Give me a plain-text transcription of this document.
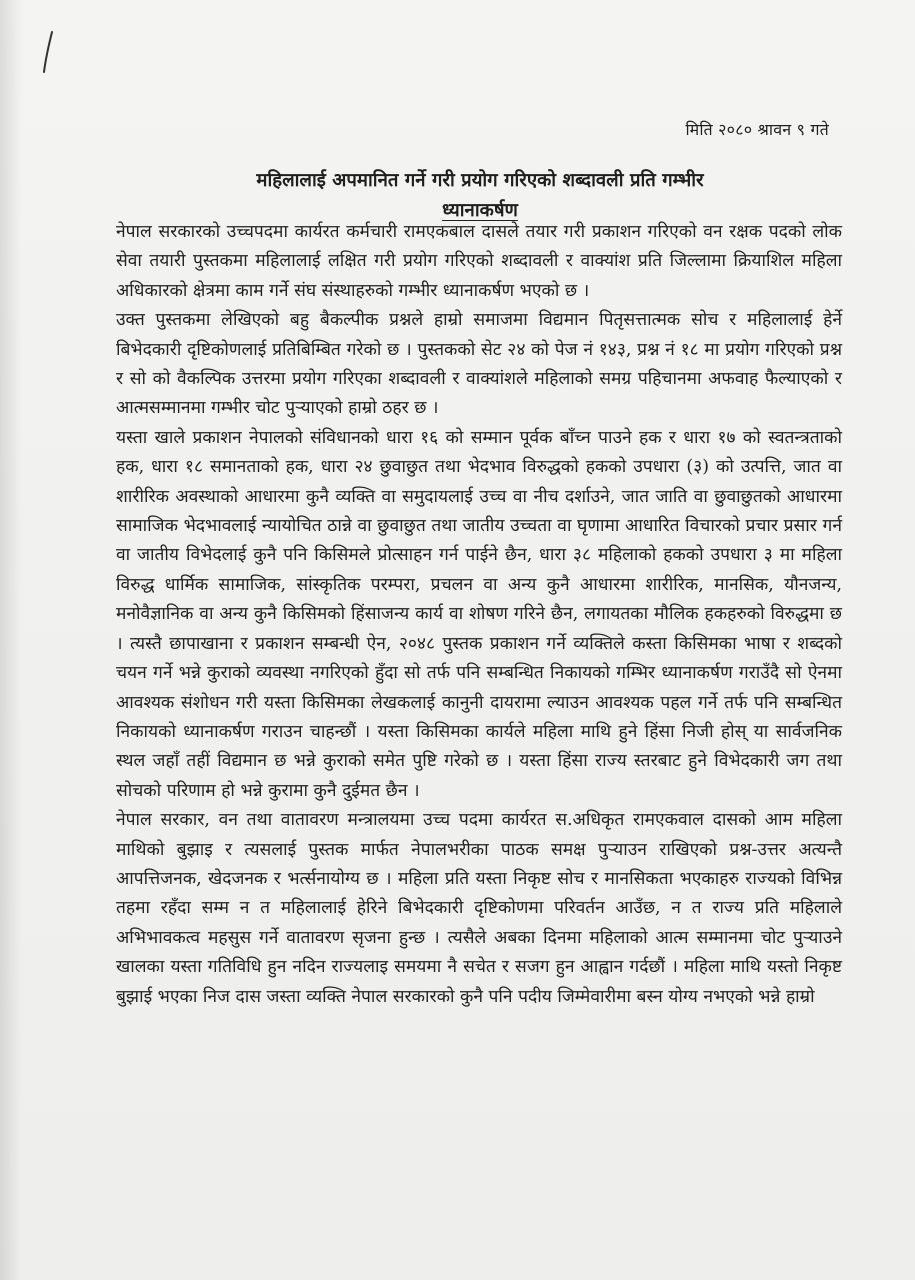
मिति २०८० श्रावन ९ गते
महिलालाई अपमानित गर्ने गरी प्रयोग गरिएको शब्दावली प्रति गम्भीर
ध्यानाकर्षण

नेपाल सरकारको उच्चपदमा कार्यरत कर्मचारी रामएकबाल दासले तयार गरी प्रकाशन गरिएको वन रक्षक पदको लोक सेवा तयारी पुस्तकमा महिलालाई लक्षित गरी प्रयोग गरिएको शब्दावली र वाक्यांश प्रति जिल्लामा क्रियाशिल महिला अधिकारको क्षेत्रमा काम गर्ने संघ संस्थाहरुको गम्भीर ध्यानाकर्षण भएको छ ।

उक्त पुस्तकमा लेखिएको बहु बैकल्पीक प्रश्नले हाम्रो समाजमा विद्यमान पितृसत्तात्मक सोच र महिलालाई हेर्ने बिभेदकारी दृष्टिकोणलाई प्रतिबिम्बित गरेको छ । पुस्तकको सेट २४ को पेज नं १४३, प्रश्न नं १८ मा प्रयोग गरिएको प्रश्न र सो को वैकल्पिक उत्तरमा प्रयोग गरिएका शब्दावली र वाक्यांशले महिलाको समग्र पहिचानमा अफवाह फैल्याएको र आत्मसम्मानमा गम्भीर चोट पुऱ्याएको हाम्रो ठहर छ ।

यस्ता खाले प्रकाशन नेपालको संविधानको धारा १६ को सम्मान पूर्वक बाँच्न पाउने हक र धारा १७ को स्वतन्त्रताको हक, धारा १८ समानताको हक, धारा २४ छुवाछुत तथा भेदभाव विरुद्धको हकको उपधारा (३) को उत्पत्ति, जात वा शारीरिक अवस्थाको आधारमा कुनै व्यक्ति वा समुदायलाई उच्च वा नीच दर्शाउने, जात जाति वा छुवाछुतको आधारमा सामाजिक भेदभावलाई न्यायोचित ठान्ने वा छुवाछुत तथा जातीय उच्चता वा घृणामा आधारित विचारको प्रचार प्रसार गर्न वा जातीय विभेदलाई कुनै पनि किसिमले प्रोत्साहन गर्न पाईने छैन, धारा ३८ महिलाको हकको उपधारा ३ मा महिला विरुद्ध धार्मिक सामाजिक, सांस्कृतिक परम्परा, प्रचलन वा अन्य कुनै आधारमा शारीरिक, मानसिक, यौनजन्य, मनोवैज्ञानिक वा अन्य कुनै किसिमको हिंसाजन्य कार्य वा शोषण गरिने छैन, लगायतका मौलिक हकहरुको विरुद्धमा छ । त्यस्तै छापाखाना र प्रकाशन सम्बन्धी ऐन, २०४८ पुस्तक प्रकाशन गर्ने व्यक्तिले कस्ता किसिमका भाषा र शब्दको चयन गर्ने भन्ने कुराको व्यवस्था नगरिएको हुँदा सो तर्फ पनि सम्बन्धित निकायको गम्भिर ध्यानाकर्षण गराउँदै सो ऐनमा आवश्यक संशोधन गरी यस्ता किसिमका लेखकलाई कानुनी दायरामा ल्याउन आवश्यक पहल गर्ने तर्फ पनि सम्बन्धित निकायको ध्यानाकर्षण गराउन चाहन्छौं । यस्ता किसिमका कार्यले महिला माथि हुने हिंसा निजी होस् या सार्वजनिक स्थल जहाँ तहीं विद्यमान छ भन्ने कुराको समेत पुष्टि गरेको छ । यस्ता हिंसा राज्य स्तरबाट हुने विभेदकारी जग तथा सोचको परिणाम हो भन्ने कुरामा कुनै दुईमत छैन ।

नेपाल सरकार, वन तथा वातावरण मन्त्रालयमा उच्च पदमा कार्यरत स.अधिकृत रामएकवाल दासको आम महिला माथिको बुझाइ र त्यसलाई पुस्तक मार्फत नेपालभरीका पाठक समक्ष पुऱ्याउन राखिएको प्रश्न-उत्तर अत्यन्तै आपत्तिजनक, खेदजनक र भर्त्सनायोग्य छ । महिला प्रति यस्ता निकृष्ट सोच र मानसिकता भएकाहरु राज्यको विभिन्न तहमा रहँदा सम्म न त महिलालाई हेरिने बिभेदकारी दृष्टिकोणमा परिवर्तन आउँछ, न त राज्य प्रति महिलाले अभिभावकत्व महसुस गर्ने वातावरण सृजना हुन्छ । त्यसैले अबका दिनमा महिलाको आत्म सम्मानमा चोट पुऱ्याउने खालका यस्ता गतिविधि हुन नदिन राज्यलाइ समयमा नै सचेत र सजग हुन आह्वान गर्दछौं । महिला माथि यस्तो निकृष्ट बुझाई भएका निज दास जस्ता व्यक्ति नेपाल सरकारको कुनै पनि पदीय जिम्मेवारीमा बस्न योग्य नभएको भन्ने हाम्रो
